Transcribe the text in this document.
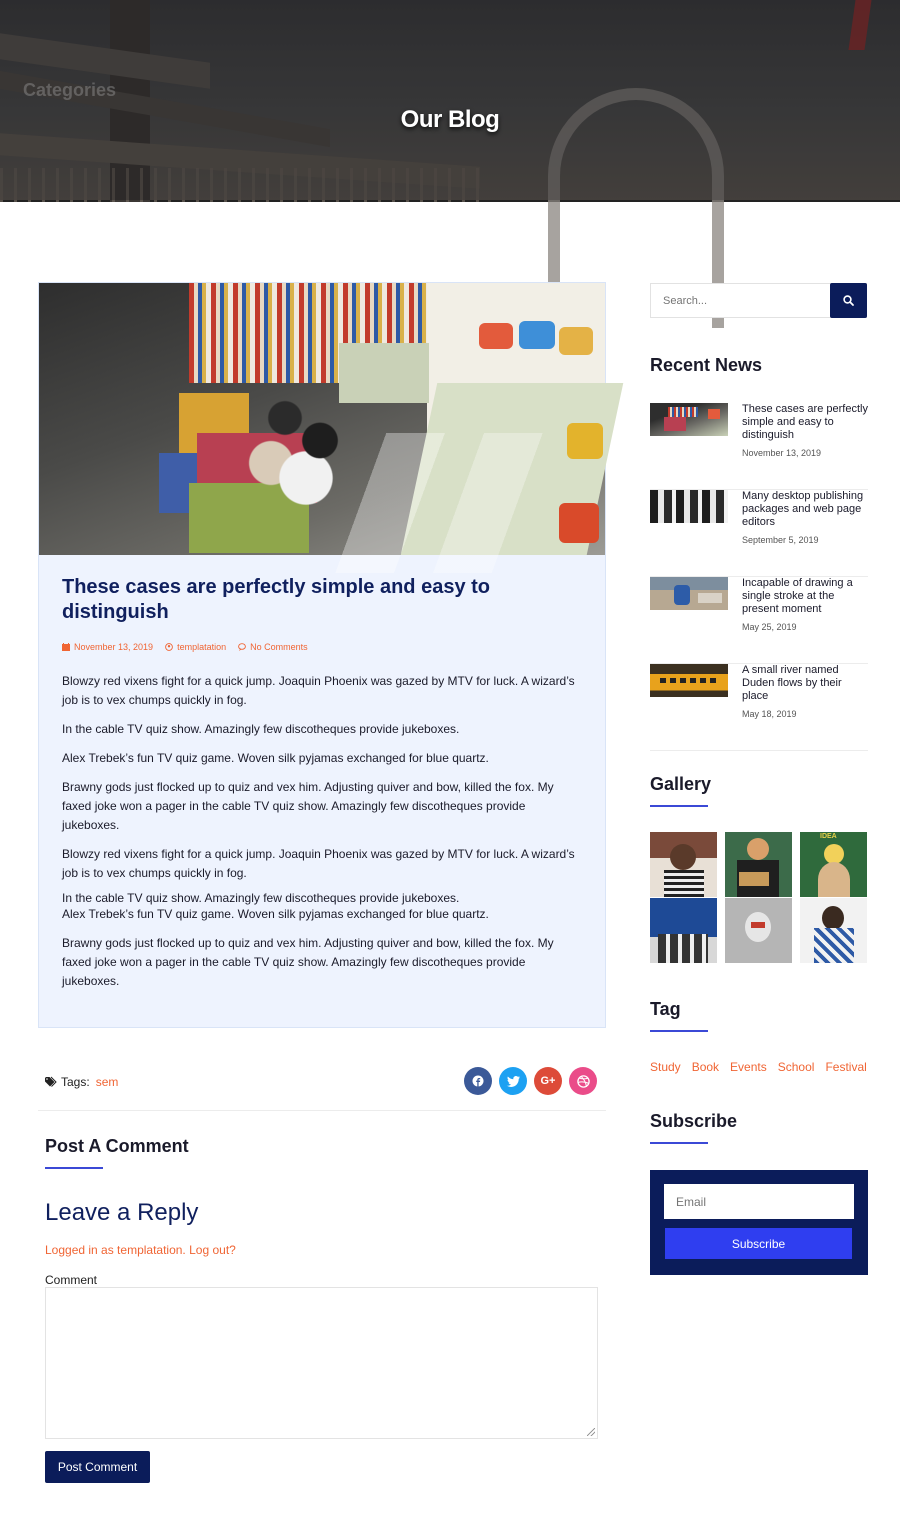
Categories
Our Blog
These cases are perfectly simple and easy to distinguish
November 13, 2019	templatation	No Comments

Blowzy red vixens fight for a quick jump. Joaquin Phoenix was gazed by MTV for luck. A wizard’s job is to vex chumps quickly in fog.

In the cable TV quiz show. Amazingly few discotheques provide jukeboxes.

Alex Trebek’s fun TV quiz game. Woven silk pyjamas exchanged for blue quartz.

Brawny gods just flocked up to quiz and vex him. Adjusting quiver and bow, killed the fox. My faxed joke won a pager in the cable TV quiz show. Amazingly few discotheques provide jukeboxes.

Blowzy red vixens fight for a quick jump. Joaquin Phoenix was gazed by MTV for luck. A wizard’s job is to vex chumps quickly in fog.

In the cable TV quiz show. Amazingly few discotheques provide jukeboxes.

Alex Trebek’s fun TV quiz game. Woven silk pyjamas exchanged for blue quartz.

Brawny gods just flocked up to quiz and vex him. Adjusting quiver and bow, killed the fox. My faxed joke won a pager in the cable TV quiz show. Amazingly few discotheques provide jukeboxes.

Tags: sem	G+
Post A Comment
Leave a Reply
Logged in as templatation. Log out?
Comment
Post Comment
Search...
Recent News
These cases are perfectly simple and easy to distinguish
November 13, 2019
Many desktop publishing packages and web page editors
September 5, 2019
Incapable of drawing a single stroke at the present moment
May 25, 2019
A small river named Duden flows by their place
May 18, 2019
Gallery
IDEA
Tag
Study Book Events School Festival
Subscribe
Email
Subscribe
